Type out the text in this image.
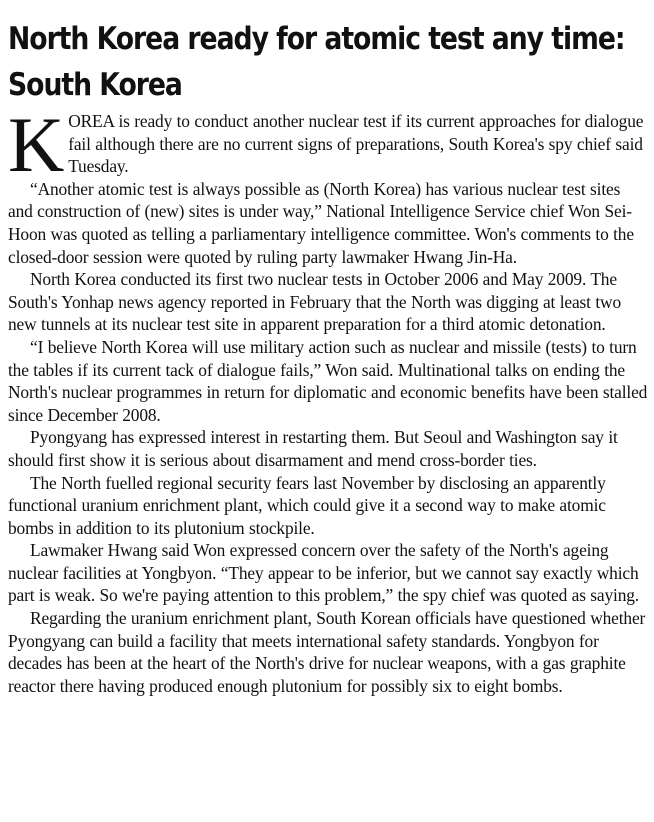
North Korea ready for atomic test any time: South Korea

KOREA is ready to conduct another nuclear test if its current approaches for dialogue fail although there are no current signs of preparations, South Korea's spy chief said Tuesday.

“Another atomic test is always possible as (North Korea) has various nuclear test sites and construction of (new) sites is under way,” National Intelligence Service chief Won Sei-Hoon was quoted as telling a parliamentary intelligence committee. Won's comments to the closed-door session were quoted by ruling party lawmaker Hwang Jin-Ha.

North Korea conducted its first two nuclear tests in October 2006 and May 2009. The South's Yonhap news agency reported in February that the North was digging at least two new tunnels at its nuclear test site in apparent preparation for a third atomic detonation.

“I believe North Korea will use military action such as nuclear and missile (tests) to turn the tables if its current tack of dialogue fails,” Won said. Multinational talks on ending the North's nuclear programmes in return for diplomatic and economic benefits have been stalled since December 2008.

Pyongyang has expressed interest in restarting them. But Seoul and Washington say it should first show it is serious about disarmament and mend cross-border ties.

The North fuelled regional security fears last November by disclosing an apparently functional uranium enrichment plant, which could give it a second way to make atomic bombs in addition to its plutonium stockpile.

Lawmaker Hwang said Won expressed concern over the safety of the North's ageing nuclear facilities at Yongbyon. “They appear to be inferior, but we cannot say exactly which part is weak. So we're paying attention to this problem,” the spy chief was quoted as saying.

Regarding the uranium enrichment plant, South Korean officials have questioned whether Pyongyang can build a facility that meets international safety standards. Yongbyon for decades has been at the heart of the North's drive for nuclear weapons, with a gas graphite reactor there having produced enough plutonium for possibly six to eight bombs.
